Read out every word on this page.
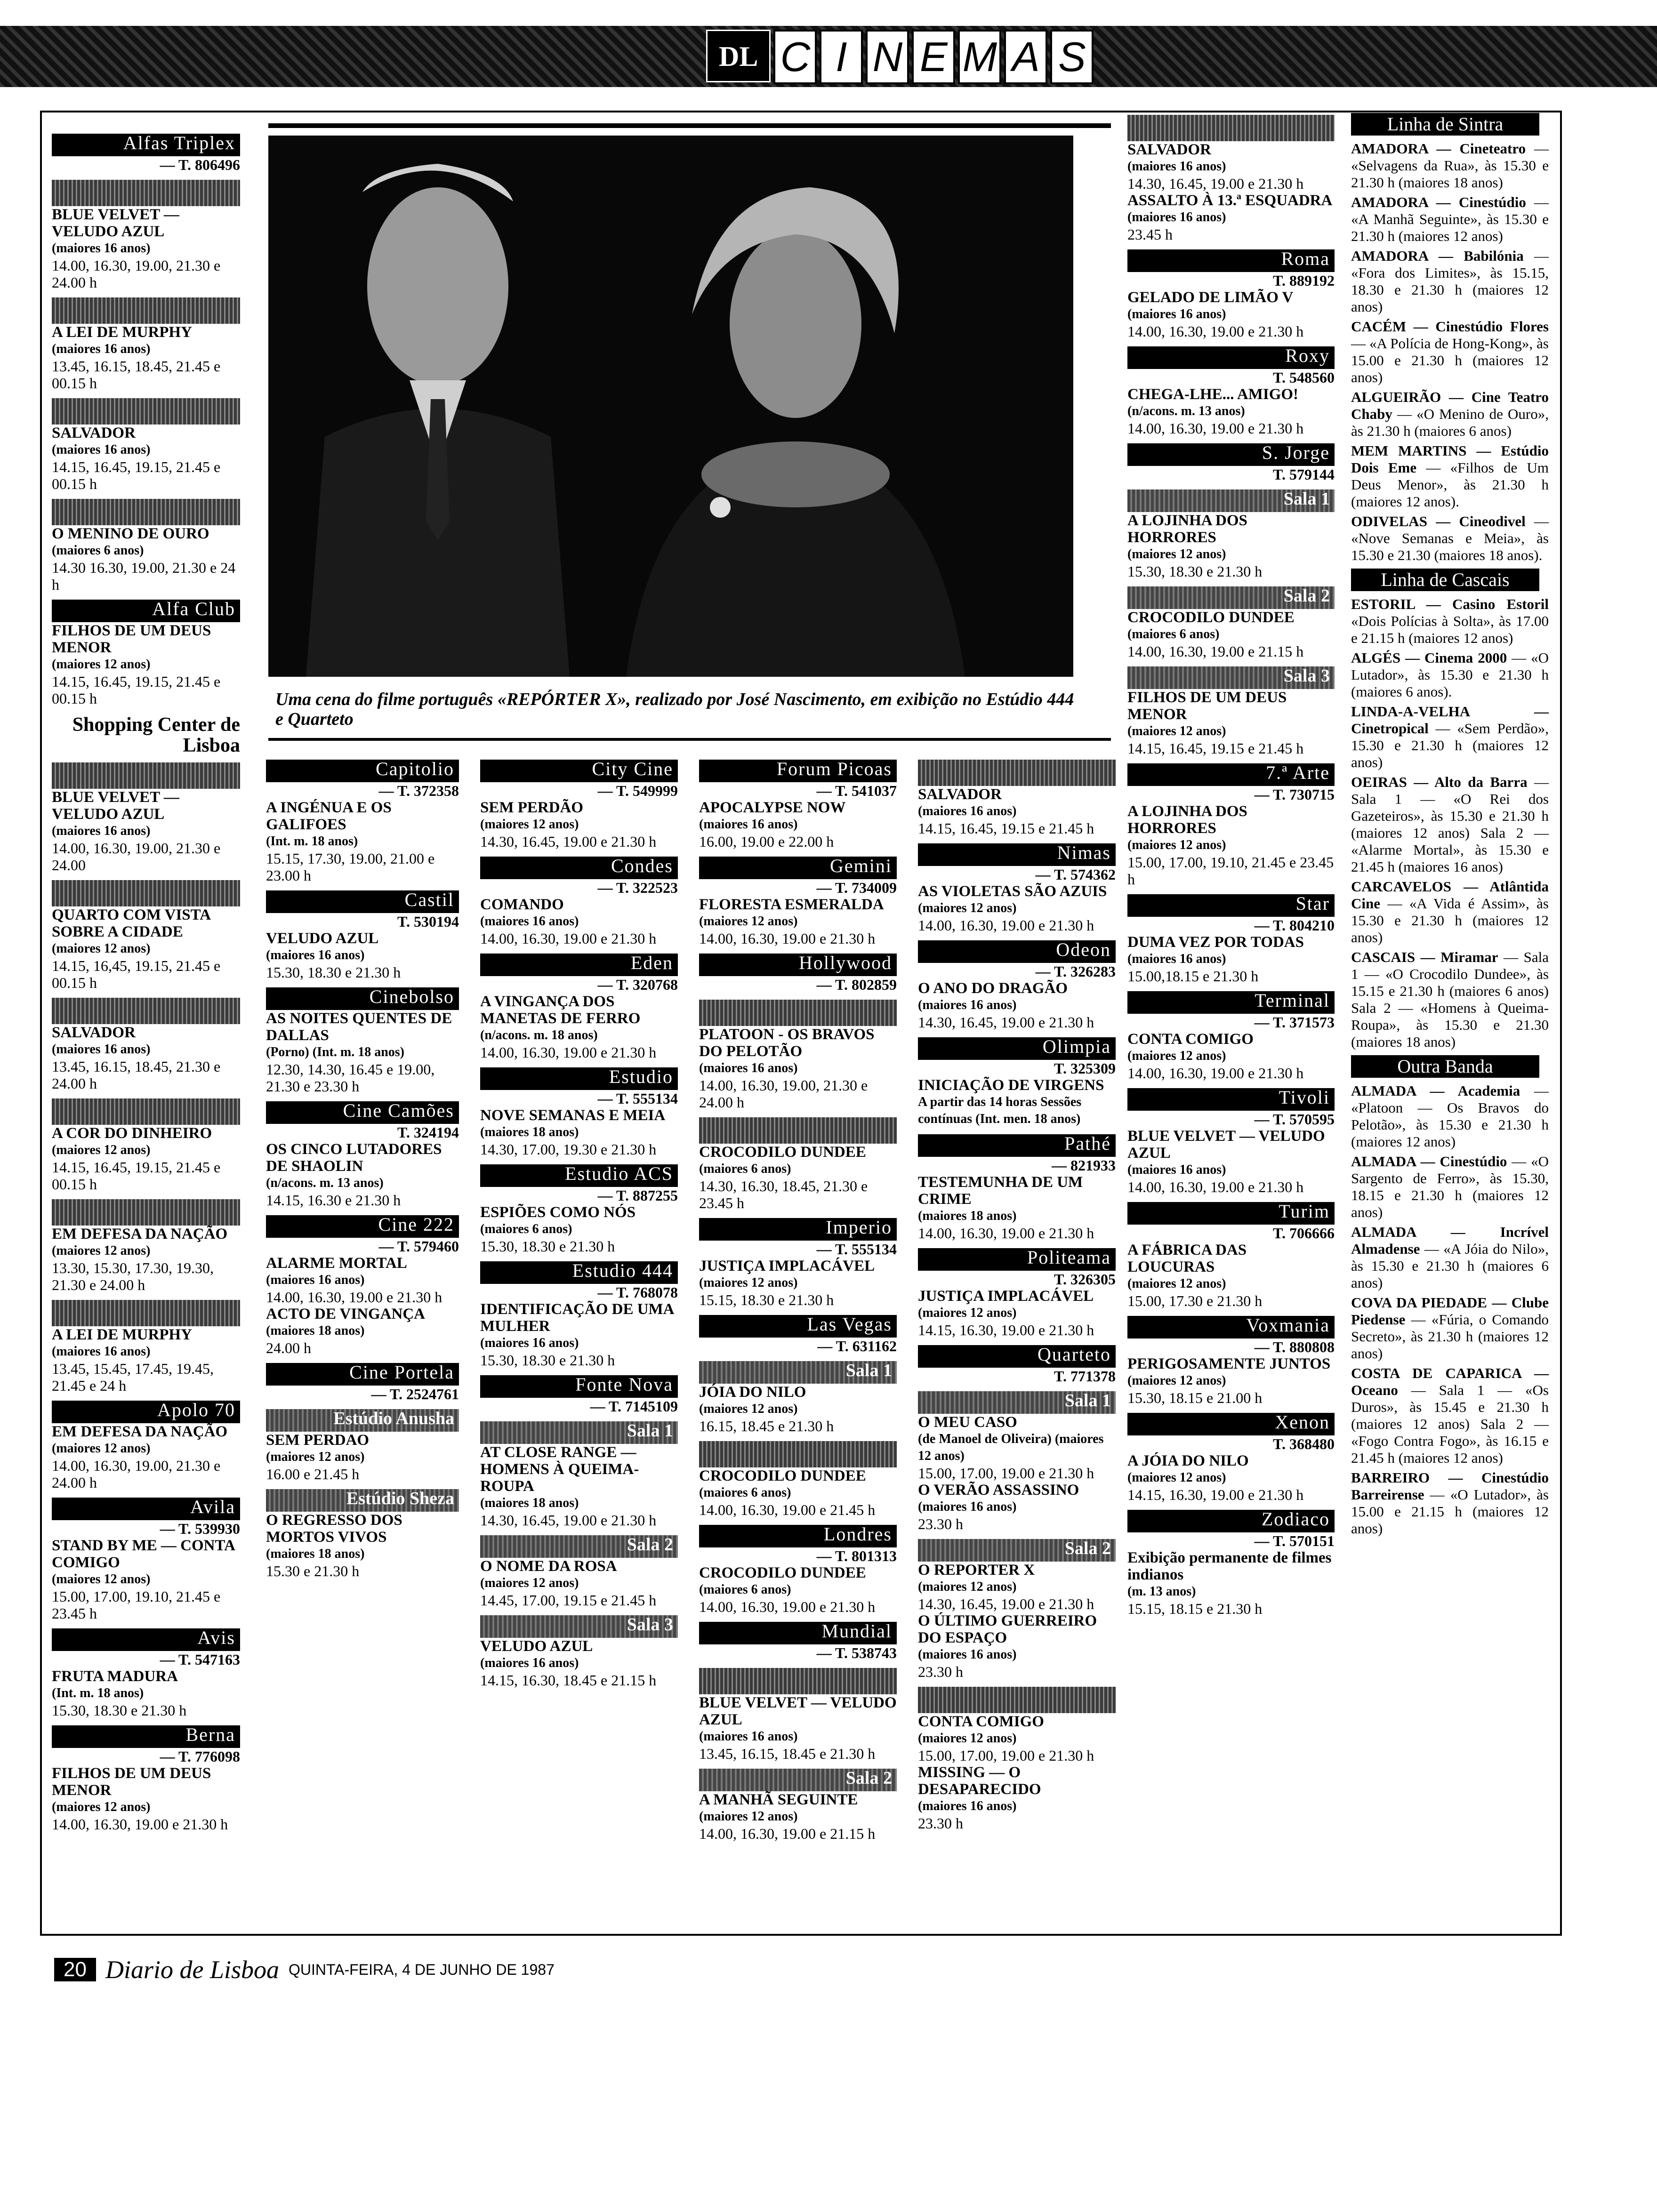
DL C I N E M A S
Uma cena do filme português «REPÓRTER X», realizado por José Nascimento, em exibição no Estúdio 444 e Quarteto
Alfas Triplex
— T. 806496
BLUE VELVET — VELUDO AZUL
(maiores 16 anos)
14.00, 16.30, 19.00, 21.30 e 24.00 h
A LEI DE MURPHY
(maiores 16 anos)
13.45, 16.15, 18.45, 21.45 e 00.15 h
SALVADOR
(maiores 16 anos)
14.15, 16.45, 19.15, 21.45 e 00.15 h
O MENINO DE OURO
(maiores 6 anos)
14.30 16.30, 19.00, 21.30 e 24 h
Alfa Club
FILHOS DE UM DEUS MENOR
(maiores 12 anos)
14.15, 16.45, 19.15, 21.45 e 00.15 h
Shopping Center de Lisboa
BLUE VELVET — VELUDO AZUL
(maiores 16 anos)
14.00, 16.30, 19.00, 21.30 e 24.00
QUARTO COM VISTA SOBRE A CIDADE
(maiores 12 anos)
14.15, 16,45, 19.15, 21.45 e 00.15 h
SALVADOR
(maiores 16 anos)
13.45, 16.15, 18.45, 21.30 e 24.00 h
A COR DO DINHEIRO
(maiores 12 anos)
14.15, 16.45, 19.15, 21.45 e 00.15 h
EM DEFESA DA NAÇÃO
(maiores 12 anos)
13.30, 15.30, 17.30, 19.30, 21.30 e 24.00 h
A LEI DE MURPHY
(maiores 16 anos)
13.45, 15.45, 17.45, 19.45, 21.45 e 24 h
Apolo 70
EM DEFESA DA NAÇÃO
(maiores 12 anos)
14.00, 16.30, 19.00, 21.30 e 24.00 h
Avila
— T. 539930
STAND BY ME — CONTA COMIGO
(maiores 12 anos)
15.00, 17.00, 19.10, 21.45 e 23.45 h
Avis
— T. 547163
FRUTA MADURA
(Int. m. 18 anos)
15.30, 18.30 e 21.30 h
Berna
— T. 776098
FILHOS DE UM DEUS MENOR
(maiores 12 anos)
14.00, 16.30, 19.00 e 21.30 h
Capitolio
— T. 372358
A INGÉNUA E OS GALIFOES
(Int. m. 18 anos)
15.15, 17.30, 19.00, 21.00 e 23.00 h
Castil
T. 530194
VELUDO AZUL
(maiores 16 anos)
15.30, 18.30 e 21.30 h
Cinebolso
AS NOITES QUENTES DE DALLAS
(Porno) (Int. m. 18 anos)
12.30, 14.30, 16.45 e 19.00, 21.30 e 23.30 h
Cine Camões
T. 324194
OS CINCO LUTADORES DE SHAOLIN
(n/acons. m. 13 anos)
14.15, 16.30 e 21.30 h
Cine 222
— T. 579460
ALARME MORTAL
(maiores 16 anos)
14.00, 16.30, 19.00 e 21.30 h
ACTO DE VINGANÇA
(maiores 18 anos)
24.00 h
Cine Portela
— T. 2524761
Estúdio Anusha
SEM PERDAO
(maiores 12 anos)
16.00 e 21.45 h
Estúdio Sheza
O REGRESSO DOS MORTOS VIVOS
(maiores 18 anos)
15.30 e 21.30 h
City Cine
— T. 549999
SEM PERDÃO
(maiores 12 anos)
14.30, 16.45, 19.00 e 21.30 h
Condes
— T. 322523
COMANDO
(maiores 16 anos)
14.00, 16.30, 19.00 e 21.30 h
Eden
— T. 320768
A VINGANÇA DOS MANETAS DE FERRO
(n/acons. m. 18 anos)
14.00, 16.30, 19.00 e 21.30 h
Estudio
— T. 555134
NOVE SEMANAS E MEIA
(maiores 18 anos)
14.30, 17.00, 19.30 e 21.30 h
Estudio ACS
— T. 887255
ESPIÕES COMO NÓS
(maiores 6 anos)
15.30, 18.30 e 21.30 h
Estudio 444
— T. 768078
IDENTIFICAÇÃO DE UMA MULHER
(maiores 16 anos)
15.30, 18.30 e 21.30 h
Fonte Nova
— T. 7145109
Sala 1
AT CLOSE RANGE — HOMENS À QUEIMA-ROUPA
(maiores 18 anos)
14.30, 16.45, 19.00 e 21.30 h
Sala 2
O NOME DA ROSA
(maiores 12 anos)
14.45, 17.00, 19.15 e 21.45 h
Sala 3
VELUDO AZUL
(maiores 16 anos)
14.15, 16.30, 18.45 e 21.15 h
Forum Picoas
— T. 541037
APOCALYPSE NOW
(maiores 16 anos)
16.00, 19.00 e 22.00 h
Gemini
— T. 734009
FLORESTA ESMERALDA
(maiores 12 anos)
14.00, 16.30, 19.00 e 21.30 h
Hollywood
— T. 802859
PLATOON - OS BRAVOS DO PELOTÃO
(maiores 16 anos)
14.00, 16.30, 19.00, 21.30 e 24.00 h
CROCODILO DUNDEE
(maiores 6 anos)
14.30, 16.30, 18.45, 21.30 e 23.45 h
Imperio
— T. 555134
JUSTIÇA IMPLACÁVEL
(maiores 12 anos)
15.15, 18.30 e 21.30 h
Las Vegas
— T. 631162
Sala 1
JÓIA DO NILO
(maiores 12 anos)
16.15, 18.45 e 21.30 h
CROCODILO DUNDEE
(maiores 6 anos)
14.00, 16.30, 19.00 e 21.45 h
Londres
— T. 801313
CROCODILO DUNDEE
(maiores 6 anos)
14.00, 16.30, 19.00 e 21.30 h
Mundial
— T. 538743
BLUE VELVET — VELUDO AZUL
(maiores 16 anos)
13.45, 16.15, 18.45 e 21.30 h
Sala 2
A MANHÃ SEGUINTE
(maiores 12 anos)
14.00, 16.30, 19.00 e 21.15 h
SALVADOR
(maiores 16 anos)
14.15, 16.45, 19.15 e 21.45 h
Nimas
— T. 574362
AS VIOLETAS SÃO AZUIS
(maiores 12 anos)
14.00, 16.30, 19.00 e 21.30 h
Odeon
— T. 326283
O ANO DO DRAGÃO
(maiores 16 anos)
14.30, 16.45, 19.00 e 21.30 h
Olimpia
T. 325309
INICIAÇÃO DE VIRGENS
A partir das 14 horas Sessões contínuas (Int. men. 18 anos)
Pathé
— 821933
TESTEMUNHA DE UM CRIME
(maiores 18 anos)
14.00, 16.30, 19.00 e 21.30 h
Politeama
T. 326305
JUSTIÇA IMPLACÁVEL
(maiores 12 anos)
14.15, 16.30, 19.00 e 21.30 h
Quarteto
T. 771378
Sala 1
O MEU CASO
(de Manoel de Oliveira) (maiores 12 anos)
15.00, 17.00, 19.00 e 21.30 h
O VERÃO ASSASSINO
(maiores 16 anos)
23.30 h
Sala 2
O REPORTER X
(maiores 12 anos)
14.30, 16.45, 19.00 e 21.30 h
O ÚLTIMO GUERREIRO DO ESPAÇO
(maiores 16 anos)
23.30 h
CONTA COMIGO
(maiores 12 anos)
15.00, 17.00, 19.00 e 21.30 h
MISSING — O DESAPARECIDO
(maiores 16 anos)
23.30 h
SALVADOR
(maiores 16 anos)
14.30, 16.45, 19.00 e 21.30 h
ASSALTO À 13.ª ESQUADRA
(maiores 16 anos)
23.45 h
Roma
T. 889192
GELADO DE LIMÃO V
(maiores 16 anos)
14.00, 16.30, 19.00 e 21.30 h
Roxy
T. 548560
CHEGA-LHE... AMIGO!
(n/acons. m. 13 anos)
14.00, 16.30, 19.00 e 21.30 h
S. Jorge
T. 579144
Sala 1
A LOJINHA DOS HORRORES
(maiores 12 anos)
15.30, 18.30 e 21.30 h
Sala 2
CROCODILO DUNDEE
(maiores 6 anos)
14.00, 16.30, 19.00 e 21.15 h
Sala 3
FILHOS DE UM DEUS MENOR
(maiores 12 anos)
14.15, 16.45, 19.15 e 21.45 h
7.ª Arte
— T. 730715
A LOJINHA DOS HORRORES
(maiores 12 anos)
15.00, 17.00, 19.10, 21.45 e 23.45 h
Star
— T. 804210
DUMA VEZ POR TODAS
(maiores 16 anos)
15.00,18.15 e 21.30 h
Terminal
— T. 371573
CONTA COMIGO
(maiores 12 anos)
14.00, 16.30, 19.00 e 21.30 h
Tivoli
— T. 570595
BLUE VELVET — VELUDO AZUL
(maiores 16 anos)
14.00, 16.30, 19.00 e 21.30 h
Turim
T. 706666
A FÁBRICA DAS LOUCURAS
(maiores 12 anos)
15.00, 17.30 e 21.30 h
Voxmania
— T. 880808
PERIGOSAMENTE JUNTOS
(maiores 12 anos)
15.30, 18.15 e 21.00 h
Xenon
T. 368480
A JÓIA DO NILO
(maiores 12 anos)
14.15, 16.30, 19.00 e 21.30 h
Zodiaco
— T. 570151
Exibição permanente de filmes indianos
(m. 13 anos)
15.15, 18.15 e 21.30 h
Linha de Sintra
AMADORA — Cineteatro — «Selvagens da Rua», às 15.30 e 21.30 h (maiores 18 anos)
AMADORA — Cinestúdio — «A Manhã Seguinte», às 15.30 e 21.30 h (maiores 12 anos)
AMADORA — Babilónia — «Fora dos Limites», às 15.15, 18.30 e 21.30 h (maiores 12 anos)
CACÉM — Cinestúdio Flores — «A Polícia de Hong-Kong», às 15.00 e 21.30 h (maiores 12 anos)
ALGUEIRÃO — Cine Teatro Chaby — «O Menino de Ouro», às 21.30 h (maiores 6 anos)
MEM MARTINS — Estúdio Dois Eme — «Filhos de Um Deus Menor», às 21.30 h (maiores 12 anos).
ODIVELAS — Cineodivel — «Nove Semanas e Meia», às 15.30 e 21.30 (maiores 18 anos).
Linha de Cascais
ESTORIL — Casino Estoril «Dois Polícias à Solta», às 17.00 e 21.15 h (maiores 12 anos)
ALGÉS — Cinema 2000 — «O Lutador», às 15.30 e 21.30 h (maiores 6 anos).
LINDA-A-VELHA — Cinetropical — «Sem Perdão», 15.30 e 21.30 h (maiores 12 anos)
OEIRAS — Alto da Barra — Sala 1 — «O Rei dos Gazeteiros», às 15.30 e 21.30 h (maiores 12 anos) Sala 2 — «Alarme Mortal», às 15.30 e 21.45 h (maiores 16 anos)
CARCAVELOS — Atlântida Cine — «A Vida é Assim», às 15.30 e 21.30 h (maiores 12 anos)
CASCAIS — Miramar — Sala 1 — «O Crocodilo Dundee», às 15.15 e 21.30 h (maiores 6 anos) Sala 2 — «Homens à Queima-Roupa», às 15.30 e 21.30 (maiores 18 anos)
Outra Banda
ALMADA — Academia — «Platoon — Os Bravos do Pelotão», às 15.30 e 21.30 h (maiores 12 anos)
ALMADA — Cinestúdio — «O Sargento de Ferro», às 15.30, 18.15 e 21.30 h (maiores 12 anos)
ALMADA — Incrível Almadense — «A Jóia do Nilo», às 15.30 e 21.30 h (maiores 6 anos)
COVA DA PIEDADE — Clube Piedense — «Fúria, o Comando Secreto», às 21.30 h (maiores 12 anos)
COSTA DE CAPARICA — Oceano — Sala 1 — «Os Duros», às 15.45 e 21.30 h (maiores 12 anos) Sala 2 — «Fogo Contra Fogo», às 16.15 e 21.45 h (maiores 12 anos)
BARREIRO — Cinestúdio Barreirense — «O Lutador», às 15.00 e 21.15 h (maiores 12 anos)
20 Diario de Lisboa QUINTA-FEIRA, 4 DE JUNHO DE 1987
